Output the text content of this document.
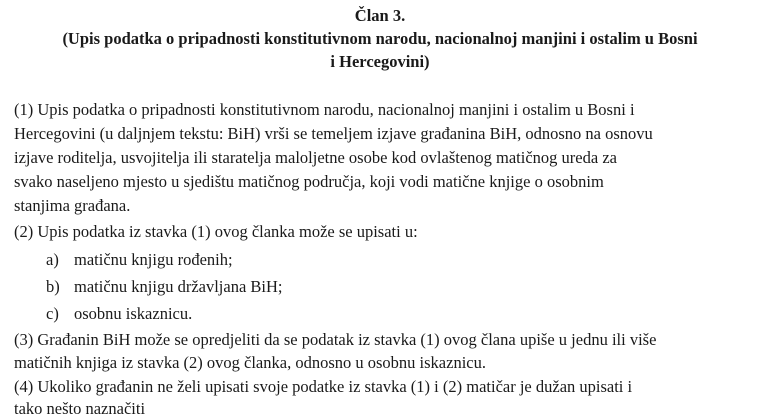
Član 3.
(Upis podatka o pripadnosti konstitutivnom narodu, nacionalnoj manjini i ostalim u Bosni
i Hercegovini)
(1) Upis podatka o pripadnosti konstitutivnom narodu, nacionalnoj manjini i ostalim u Bosni i
Hercegovini (u daljnjem tekstu: BiH) vrši se temeljem izjave građanina BiH, odnosno na osnovu
izjave roditelja, usvojitelja ili staratelja maloljetne osobe kod ovlaštenog matičnog ureda za
svako naseljeno mjesto u sjedištu matičnog područja, koji vodi matične knjige o osobnim
stanjima građana.
(2) Upis podatka iz stavka (1) ovog članka može se upisati u:
a) matičnu knjigu rođenih;
b) matičnu knjigu državljana BiH;
c) osobnu iskaznicu.
(3) Građanin BiH može se opredjeliti da se podatak iz stavka (1) ovog člana upiše u jednu ili više
matičnih knjiga iz stavka (2) ovog članka, odnosno u osobnu iskaznicu.
(4) Ukoliko građanin ne želi upisati svoje podatke iz stavka (1) i (2) matičar je dužan upisati i
tako nešto naznačiti
